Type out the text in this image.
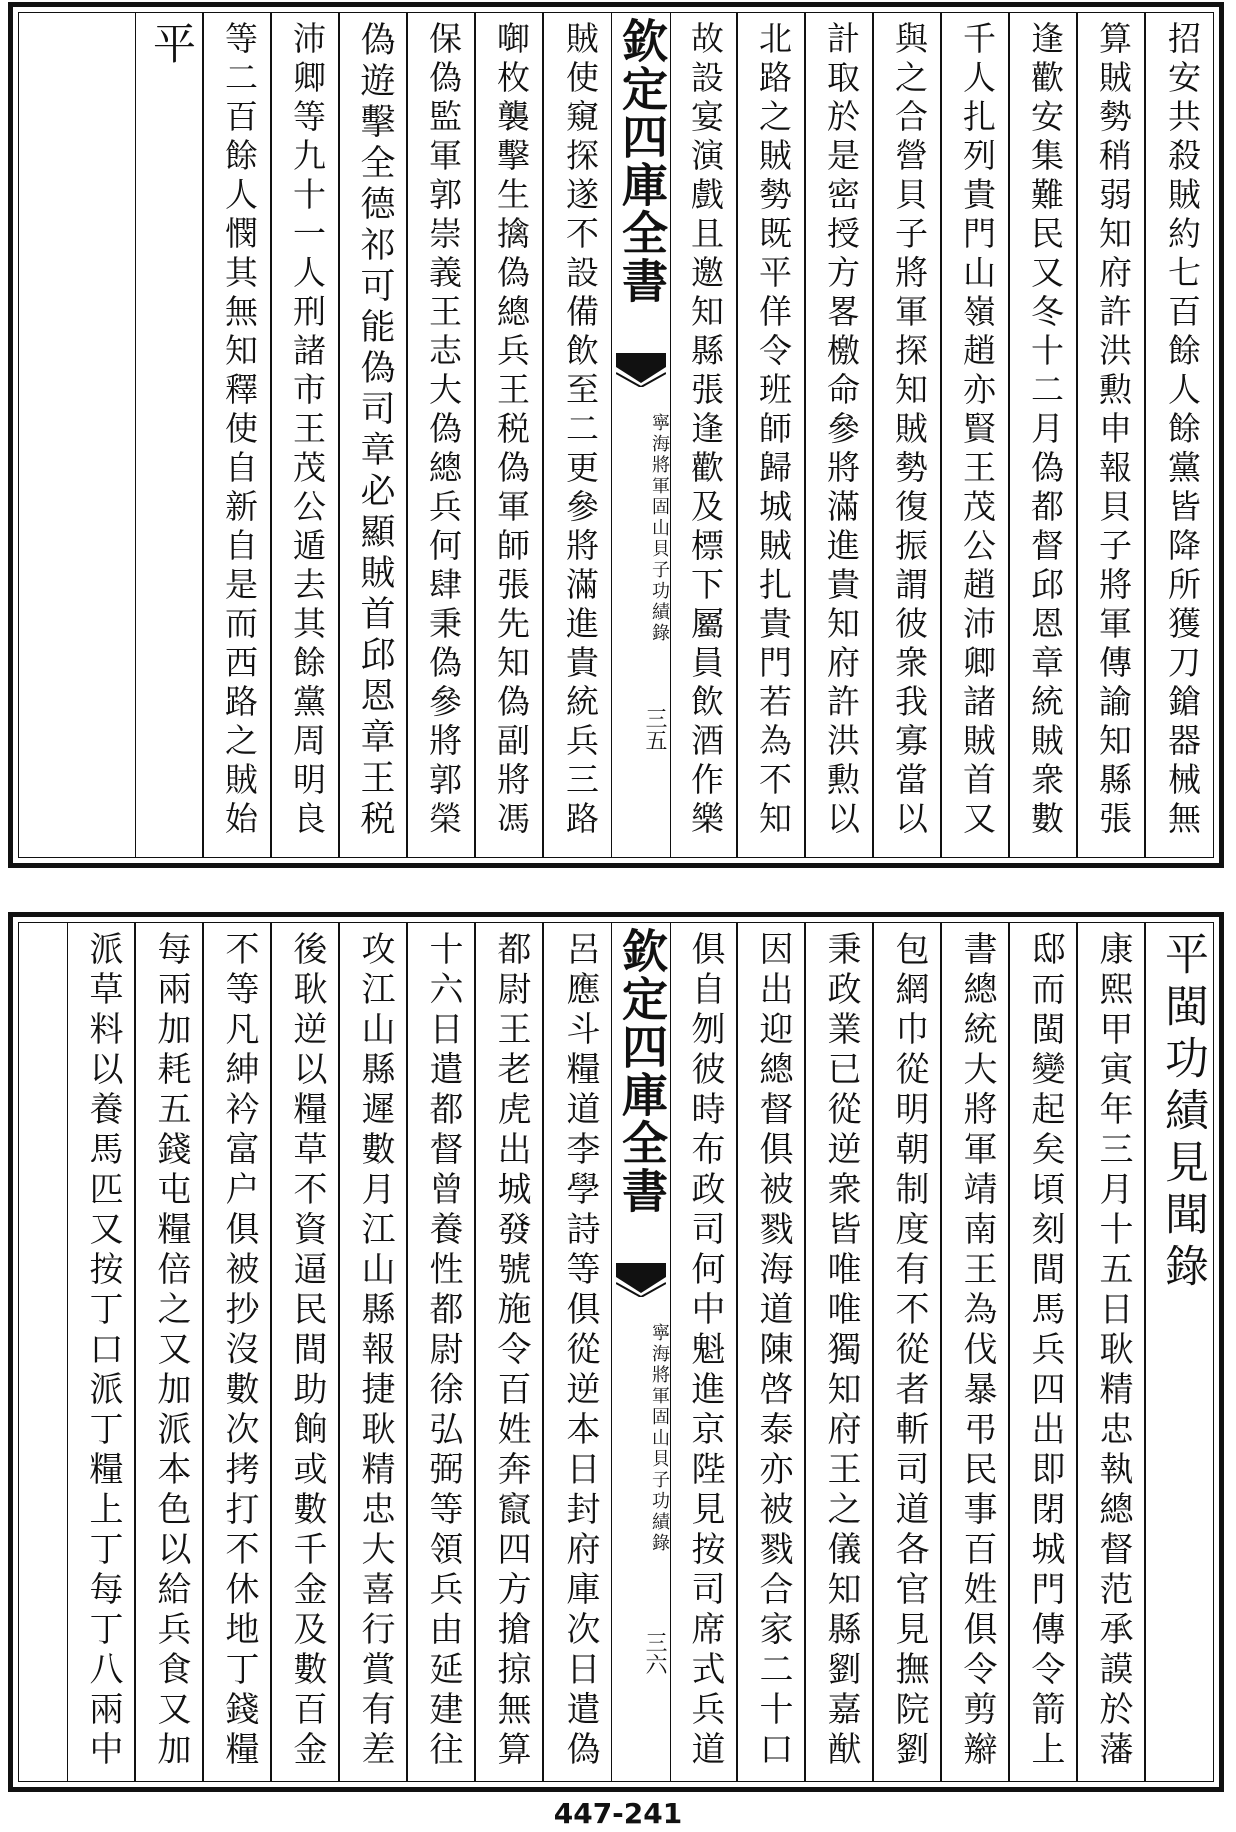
招安共殺賊約七百餘人餘黨皆降所獲刀鎗器械無
算賊勢稍弱知府許洪勲申報貝子將軍傳諭知縣張
逢歡安集難民又冬十二月偽都督邱恩章統賊衆數
千人扎列貴門山嶺趙亦賢王茂公趙沛卿諸賊首又
與之合營貝子將軍探知賊勢復振謂彼衆我寡當以
計取於是密授方畧檄命參將滿進貴知府許洪勲以
北路之賊勢既平佯令班師歸城賊扎貴門若為不知
故設宴演戲且邀知縣張逢歡及標下屬員飲酒作樂
欽定四庫全書
寧海將軍固山貝子功績錄
三五
賊使窺探遂不設備飲至二更參將滿進貴統兵三路
啣枚襲擊生擒偽總兵王税偽軍師張先知偽副將馮
保偽監軍郭崇義王志大偽總兵何肆秉偽參將郭榮
偽遊擊全德祁可能偽司章必顯賊首邱恩章王税
沛卿等九十一人刑諸市王茂公遁去其餘黨周明良
等二百餘人憫其無知釋使自新自是而西路之賊始
平
平閩功績見聞錄
康熙甲寅年三月十五日耿精忠執總督范承謨於藩
邸而閩變起矣頃刻間馬兵四出即閉城門傳令箭上
書總統大將軍靖南王為伐暴弔民事百姓俱令剪辮
包網巾從明朝制度有不從者斬司道各官見撫院劉
秉政業已從逆衆皆唯唯獨知府王之儀知縣劉嘉猷
因出迎總督俱被戮海道陳啓泰亦被戮合家二十口
俱自刎彼時布政司何中魁進京陛見按司席式兵道
欽定四庫全書
寧海將軍固山貝子功績錄
三六
呂應斗糧道李學詩等俱從逆本日封府庫次日遣偽
都尉王老虎出城發號施令百姓奔竄四方搶掠無算
十六日遣都督曾養性都尉徐弘弼等領兵由延建往
攻江山縣遲數月江山縣報捷耿精忠大喜行賞有差
後耿逆以糧草不資逼民間助餉或數千金及數百金
不等凡紳衿富户俱被抄沒數次拷打不休地丁錢糧
每兩加耗五錢屯糧倍之又加派本色以給兵食又加
派草料以養馬匹又按丁口派丁糧上丁每丁八兩中
447-241
